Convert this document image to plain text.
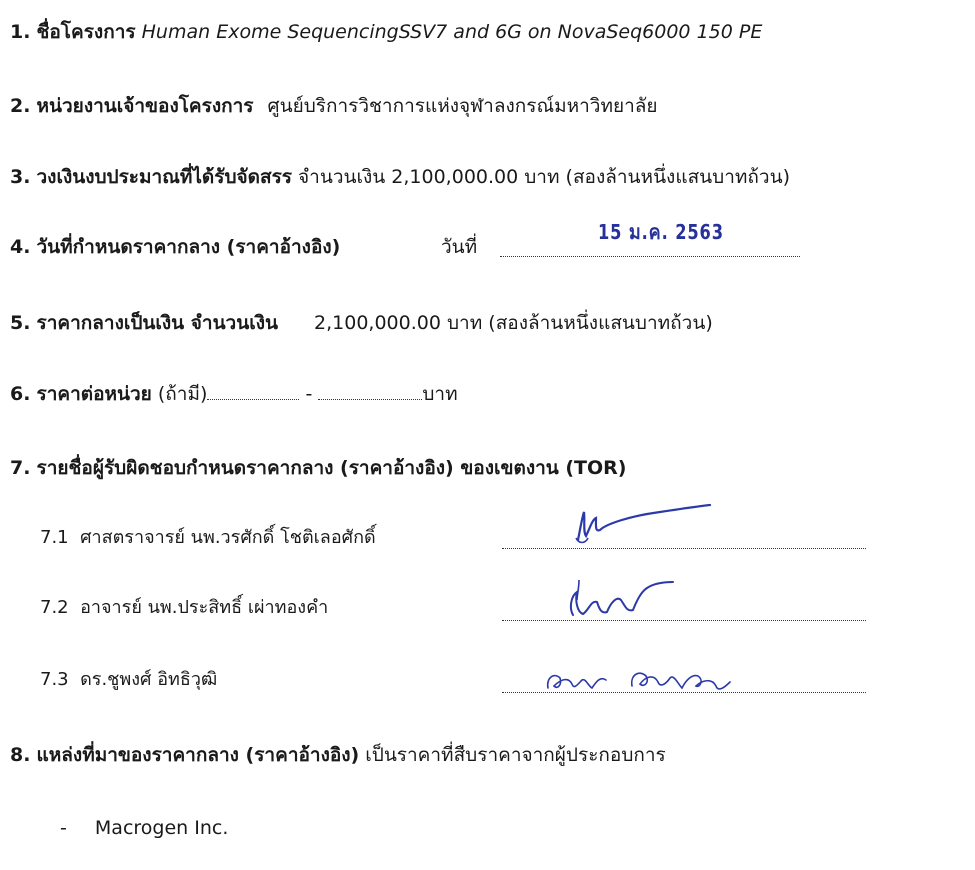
1. ชื่อโครงการ Human Exome SequencingSSV7 and 6G on NovaSeq6000 150 PE
2. หน่วยงานเจ้าของโครงการ ศูนย์บริการวิชาการแห่งจุฬาลงกรณ์มหาวิทยาลัย
3. วงเงินงบประมาณที่ได้รับจัดสรร จำนวนเงิน 2,100,000.00 บาท (สองล้านหนึ่งแสนบาทถ้วน)
4. วันที่กำหนดราคากลาง (ราคาอ้างอิง)	วันที่
15 ม.ค. 2563
5. ราคากลางเป็นเงิน จำนวนเงิน 2,100,000.00 บาท (สองล้านหนึ่งแสนบาทถ้วน)
6. ราคาต่อหน่วย (ถ้ามี)	-	บาท
7. รายชื่อผู้รับผิดชอบกำหนดราคากลาง (ราคาอ้างอิง) ของเขตงาน (TOR)
7.1 ศาสตราจารย์ นพ.วรศักดิ์ โชติเลอศักดิ์
7.2 อาจารย์ นพ.ประสิทธิ์ เผ่าทองคำ
7.3 ดร.ชูพงศ์ อิทธิวุฒิ
8. แหล่งที่มาของราคากลาง (ราคาอ้างอิง) เป็นราคาที่สืบราคาจากผู้ประกอบการ
- Macrogen Inc.
